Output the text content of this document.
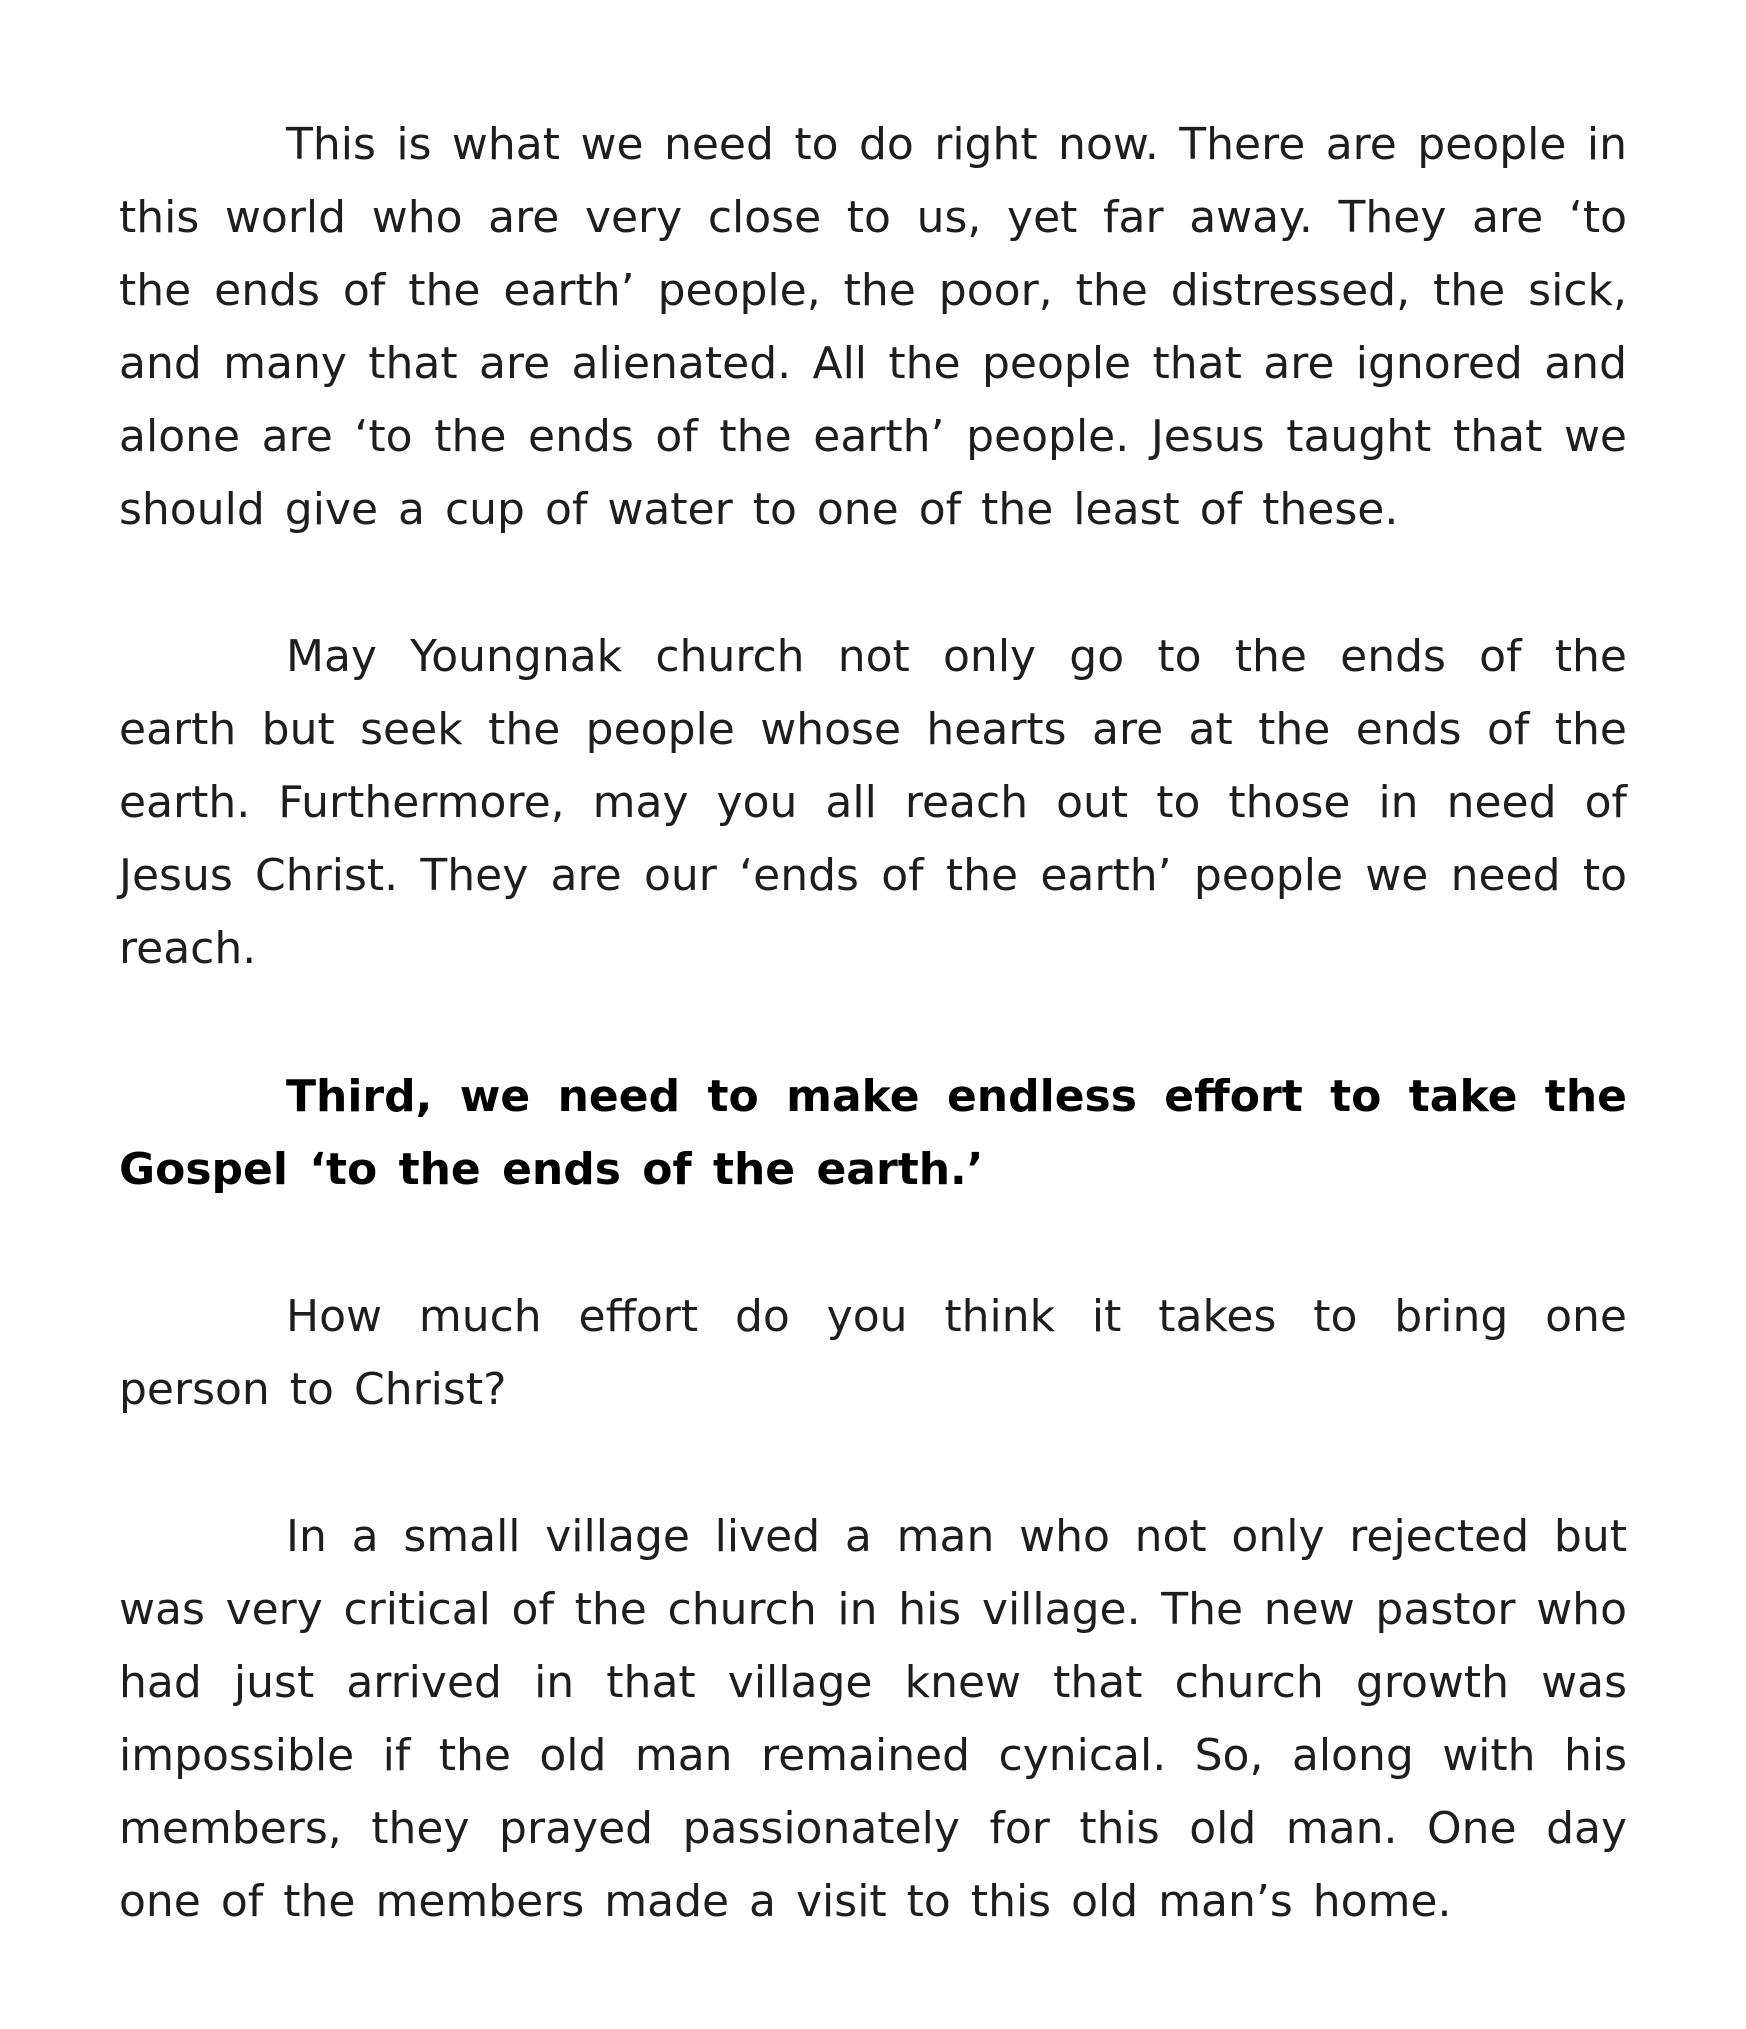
This is what we need to do right now. There are people in this world who are very close to us, yet far away. They are ‘to the ends of the earth’ people, the poor, the distressed, the sick, and many that are alienated. All the people that are ignored and alone are ‘to the ends of the earth’ people. Jesus taught that we should give a cup of water to one of the least of these.

May Youngnak church not only go to the ends of the earth but seek the people whose hearts are at the ends of the earth. Furthermore, may you all reach out to those in need of Jesus Christ. They are our ‘ends of the earth’ people we need to reach.

Third, we need to make endless effort to take the Gospel ‘to the ends of the earth.’

How much effort do you think it takes to bring one person to Christ?

In a small village lived a man who not only rejected but was very critical of the church in his village. The new pastor who had just arrived in that village knew that church growth was impossible if the old man remained cynical. So, along with his members, they prayed passionately for this old man. One day one of the members made a visit to this old man’s home.
